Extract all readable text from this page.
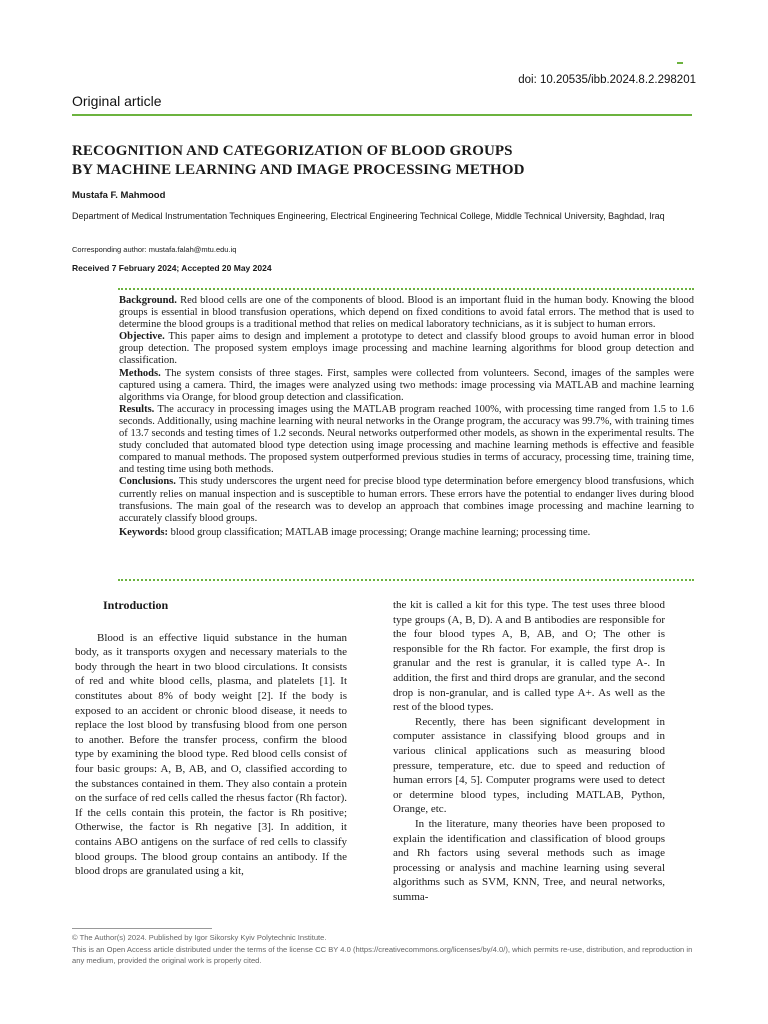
doi: 10.20535/ibb.2024.8.2.298201
Original article
RECOGNITION AND CATEGORIZATION OF BLOOD GROUPS
BY MACHINE LEARNING AND IMAGE PROCESSING METHOD
Mustafa F. Mahmood
Department of Medical Instrumentation Techniques Engineering, Electrical Engineering Technical College, Middle Technical University, Baghdad, Iraq
Corresponding author: mustafa.falah@mtu.edu.iq
Received 7 February 2024; Accepted 20 May 2024

Background. Red blood cells are one of the components of blood. Blood is an important fluid in the human body. Knowing the blood groups is essential in blood transfusion operations, which depend on fixed conditions to avoid fatal errors. The method that is used to determine the blood groups is a traditional method that relies on medical laboratory technicians, as it is subject to human errors.

Objective. This paper aims to design and implement a prototype to detect and classify blood groups to avoid human error in blood group detection. The proposed system employs image processing and machine learning algorithms for blood group detection and classification.

Methods. The system consists of three stages. First, samples were collected from volunteers. Second, images of the samples were captured using a camera. Third, the images were analyzed using two methods: image processing via MATLAB and machine learning algorithms via Orange, for blood group detection and classification.

Results. The accuracy in processing images using the MATLAB program reached 100%, with processing time ranged from 1.5 to 1.6 seconds. Additionally, using machine learning with neural networks in the Orange program, the accuracy was 99.7%, with training times of 13.7 seconds and testing times of 1.2 seconds. Neural networks outperformed other models, as shown in the experimental results. The study concluded that automated blood type detection using image processing and machine learning methods is effective and feasible compared to manual methods. The proposed system outperformed previous studies in terms of accuracy, processing time, training time, and testing time using both methods.

Conclusions. This study underscores the urgent need for precise blood type determination before emergency blood transfusions, which currently relies on manual inspection and is susceptible to human errors. These errors have the potential to endanger lives during blood transfusions. The main goal of the research was to develop an approach that combines image processing and machine learning to accurately classify blood groups.

Keywords: blood group classification; MATLAB image processing; Orange machine learning; processing time.

Introduction

Blood is an effective liquid substance in the human body, as it transports oxygen and necessary materials to the body through the heart in two blood circulations. It consists of red and white blood cells, plasma, and platelets [1]. It constitutes about 8% of body weight [2]. If the body is exposed to an accident or chronic blood disease, it needs to replace the lost blood by transfusing blood from one person to another. Before the transfer process, confirm the blood type by examining the blood type. Red blood cells consist of four basic groups: A, B, AB, and O, classified according to the substances contained in them. They also contain a protein on the surface of red cells called the rhesus factor (Rh factor). If the cells contain this protein, the factor is Rh positive; Otherwise, the factor is Rh negative [3]. In addition, it contains ABO antigens on the surface of red cells to classify blood groups. The blood group contains an antibody. If the blood drops are granulated using a kit,

the kit is called a kit for this type. The test uses three blood type groups (A, B, D). A and B antibodies are responsible for the four blood types A, B, AB, and O; The other is responsible for the Rh factor. For example, the first drop is granular and the rest is granular, it is called type A-. In addition, the first and third drops are granular, and the second drop is non-granular, and is called type A+. As well as the rest of the blood types.

Recently, there has been significant development in computer assistance in classifying blood groups and in various clinical applications such as measuring blood pressure, temperature, etc. due to speed and reduction of human errors [4, 5]. Computer programs were used to detect or determine blood types, including MATLAB, Python, Orange, etc.

In the literature, many theories have been proposed to explain the identification and classification of blood groups and Rh factors using several methods such as image processing or analysis and machine learning using several algorithms such as SVM, KNN, Tree, and neural networks, summa-

© The Author(s) 2024. Published by Igor Sikorsky Kyiv Polytechnic Institute.

This is an Open Access article distributed under the terms of the license CC BY 4.0 (https://creativecommons.org/licenses/by/4.0/), which permits re-use, distribution, and reproduction in any medium, provided the original work is properly cited.
